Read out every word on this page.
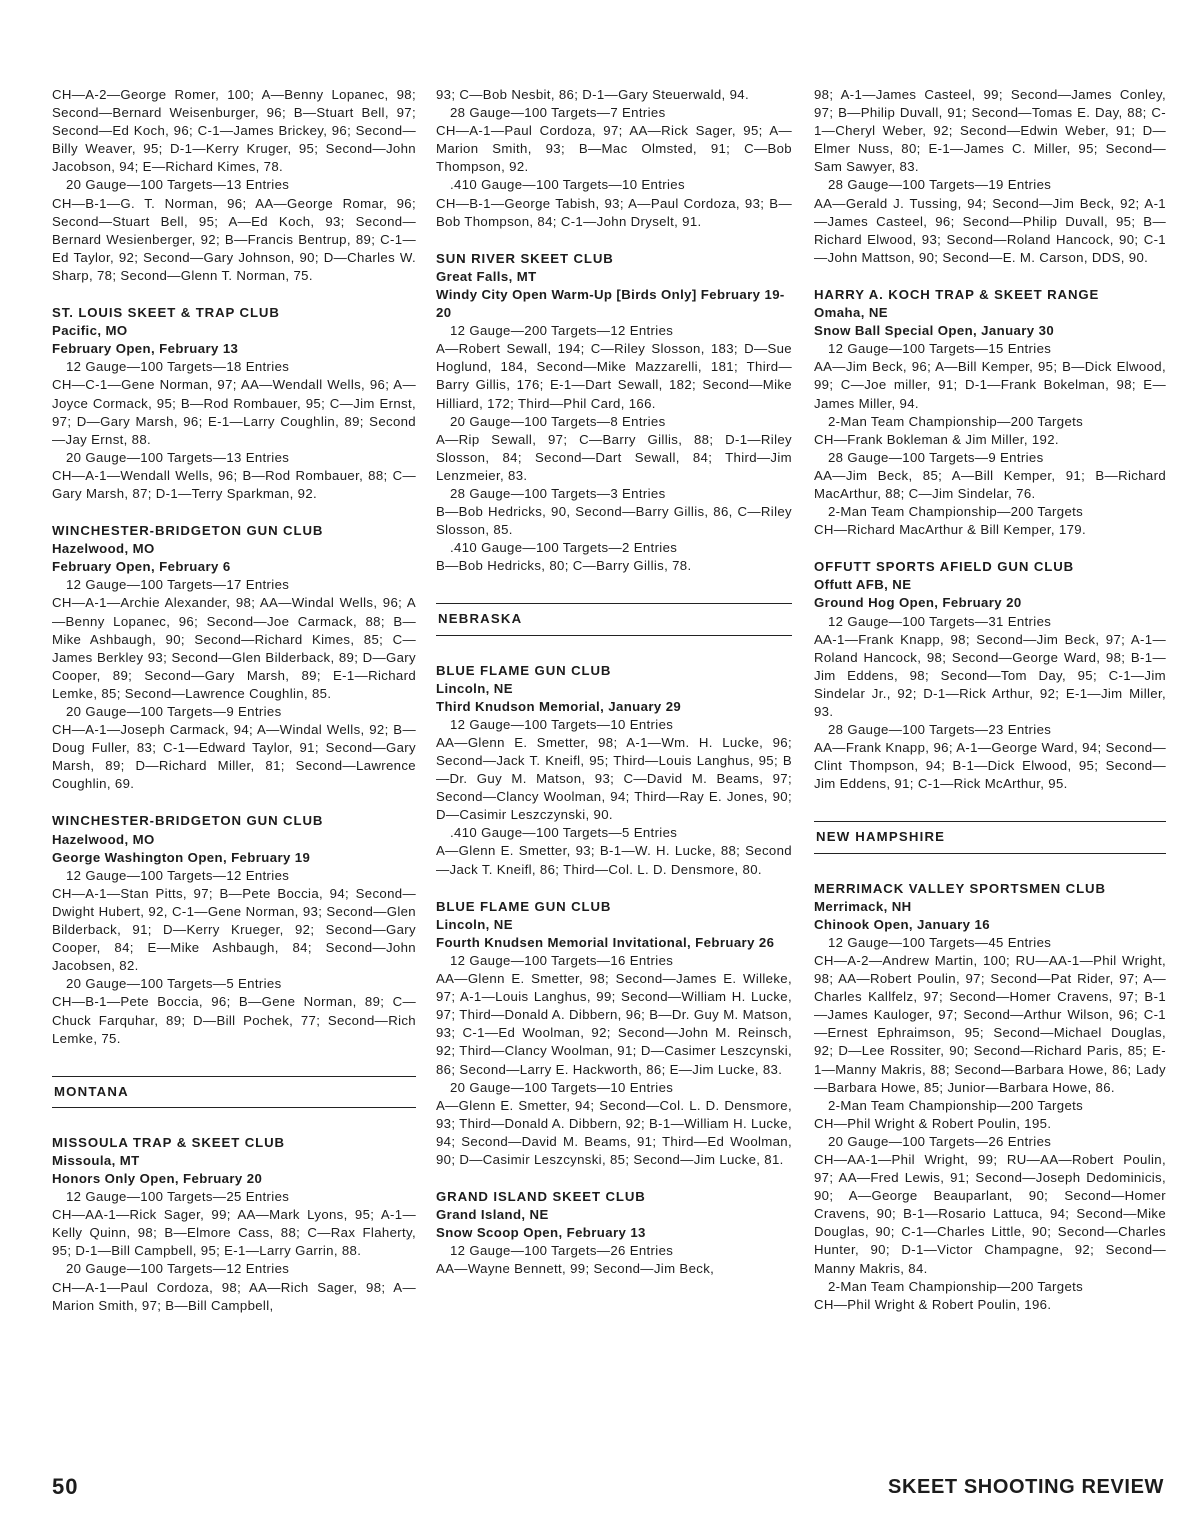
CH—A-2—George Romer, 100; A—Benny Lopanec, 98; Second—Bernard Weisenburger, 96; B—Stuart Bell, 97; Second—Ed Koch, 96; C-1—James Brickey, 96; Second—Billy Weaver, 95; D-1—Kerry Kruger, 95; Second—John Jacobson, 94; E—Richard Kimes, 78.

20 Gauge—100 Targets—13 Entries

CH—B-1—G. T. Norman, 96; AA—George Romar, 96; Second—Stuart Bell, 95; A—Ed Koch, 93; Second—Bernard Wesienberger, 92; B—Francis Bentrup, 89; C-1—Ed Taylor, 92; Second—Gary Johnson, 90; D—Charles W. Sharp, 78; Second—Glenn T. Norman, 75.

ST. LOUIS SKEET & TRAP CLUB
Pacific, MO
February Open, February 13

12 Gauge—100 Targets—18 Entries

CH—C-1—Gene Norman, 97; AA—Wendall Wells, 96; A—Joyce Cormack, 95; B—Rod Rombauer, 95; C—Jim Ernst, 97; D—Gary Marsh, 96; E-1—Larry Coughlin, 89; Second—Jay Ernst, 88.

20 Gauge—100 Targets—13 Entries

CH—A-1—Wendall Wells, 96; B—Rod Rombauer, 88; C—Gary Marsh, 87; D-1—Terry Sparkman, 92.

WINCHESTER-BRIDGETON GUN CLUB
Hazelwood, MO
February Open, February 6

12 Gauge—100 Targets—17 Entries

CH—A-1—Archie Alexander, 98; AA—Windal Wells, 96; A—Benny Lopanec, 96; Second—Joe Carmack, 88; B—Mike Ashbaugh, 90; Second—Richard Kimes, 85; C—James Berkley 93; Second—Glen Bilderback, 89; D—Gary Cooper, 89; Second—Gary Marsh, 89; E-1—Richard Lemke, 85; Second—Lawrence Coughlin, 85.

20 Gauge—100 Targets—9 Entries

CH—A-1—Joseph Carmack, 94; A—Windal Wells, 92; B—Doug Fuller, 83; C-1—Edward Taylor, 91; Second—Gary Marsh, 89; D—Richard Miller, 81; Second—Lawrence Coughlin, 69.

WINCHESTER-BRIDGETON GUN CLUB
Hazelwood, MO
George Washington Open, February 19

12 Gauge—100 Targets—12 Entries

CH—A-1—Stan Pitts, 97; B—Pete Boccia, 94; Second—Dwight Hubert, 92, C-1—Gene Norman, 93; Second—Glen Bilderback, 91; D—Kerry Krueger, 92; Second—Gary Cooper, 84; E—Mike Ashbaugh, 84; Second—John Jacobsen, 82.

20 Gauge—100 Targets—5 Entries

CH—B-1—Pete Boccia, 96; B—Gene Norman, 89; C—Chuck Farquhar, 89; D—Bill Pochek, 77; Second—Rich Lemke, 75.

MONTANA
MISSOULA TRAP & SKEET CLUB
Missoula, MT
Honors Only Open, February 20

12 Gauge—100 Targets—25 Entries

CH—AA-1—Rick Sager, 99; AA—Mark Lyons, 95; A-1—Kelly Quinn, 98; B—Elmore Cass, 88; C—Rax Flaherty, 95; D-1—Bill Campbell, 95; E-1—Larry Garrin, 88.

20 Gauge—100 Targets—12 Entries

CH—A-1—Paul Cordoza, 98; AA—Rich Sager, 98; A—Marion Smith, 97; B—Bill Campbell,

93; C—Bob Nesbit, 86; D-1—Gary Steuerwald, 94.

28 Gauge—100 Targets—7 Entries

CH—A-1—Paul Cordoza, 97; AA—Rick Sager, 95; A—Marion Smith, 93; B—Mac Olmsted, 91; C—Bob Thompson, 92.

.410 Gauge—100 Targets—10 Entries

CH—B-1—George Tabish, 93; A—Paul Cordoza, 93; B—Bob Thompson, 84; C-1—John Dryselt, 91.

SUN RIVER SKEET CLUB
Great Falls, MT
Windy City Open Warm-Up [Birds Only] February 19-20

12 Gauge—200 Targets—12 Entries

A—Robert Sewall, 194; C—Riley Slosson, 183; D—Sue Hoglund, 184, Second—Mike Mazzarelli, 181; Third—Barry Gillis, 176; E-1—Dart Sewall, 182; Second—Mike Hilliard, 172; Third—Phil Card, 166.

20 Gauge—100 Targets—8 Entries

A—Rip Sewall, 97; C—Barry Gillis, 88; D-1—Riley Slosson, 84; Second—Dart Sewall, 84; Third—Jim Lenzmeier, 83.

28 Gauge—100 Targets—3 Entries

B—Bob Hedricks, 90, Second—Barry Gillis, 86, C—Riley Slosson, 85.

.410 Gauge—100 Targets—2 Entries

B—Bob Hedricks, 80; C—Barry Gillis, 78.

NEBRASKA
BLUE FLAME GUN CLUB
Lincoln, NE
Third Knudson Memorial, January 29

12 Gauge—100 Targets—10 Entries

AA—Glenn E. Smetter, 98; A-1—Wm. H. Lucke, 96; Second—Jack T. Kneifl, 95; Third—Louis Langhus, 95; B—Dr. Guy M. Matson, 93; C—David M. Beams, 97; Second—Clancy Woolman, 94; Third—Ray E. Jones, 90; D—Casimir Leszczynski, 90.

.410 Gauge—100 Targets—5 Entries

A—Glenn E. Smetter, 93; B-1—W. H. Lucke, 88; Second—Jack T. Kneifl, 86; Third—Col. L. D. Densmore, 80.

BLUE FLAME GUN CLUB
Lincoln, NE
Fourth Knudsen Memorial Invitational, February 26

12 Gauge—100 Targets—16 Entries

AA—Glenn E. Smetter, 98; Second—James E. Willeke, 97; A-1—Louis Langhus, 99; Second—William H. Lucke, 97; Third—Donald A. Dibbern, 96; B—Dr. Guy M. Matson, 93; C-1—Ed Woolman, 92; Second—John M. Reinsch, 92; Third—Clancy Woolman, 91; D—Casimer Leszcynski, 86; Second—Larry E. Hackworth, 86; E—Jim Lucke, 83.

20 Gauge—100 Targets—10 Entries

A—Glenn E. Smetter, 94; Second—Col. L. D. Densmore, 93; Third—Donald A. Dibbern, 92; B-1—William H. Lucke, 94; Second—David M. Beams, 91; Third—Ed Woolman, 90; D—Casimir Leszcynski, 85; Second—Jim Lucke, 81.

GRAND ISLAND SKEET CLUB
Grand Island, NE
Snow Scoop Open, February 13

12 Gauge—100 Targets—26 Entries

AA—Wayne Bennett, 99; Second—Jim Beck,

98; A-1—James Casteel, 99; Second—James Conley, 97; B—Philip Duvall, 91; Second—Tomas E. Day, 88; C-1—Cheryl Weber, 92; Second—Edwin Weber, 91; D—Elmer Nuss, 80; E-1—James C. Miller, 95; Second—Sam Sawyer, 83.

28 Gauge—100 Targets—19 Entries

AA—Gerald J. Tussing, 94; Second—Jim Beck, 92; A-1—James Casteel, 96; Second—Philip Duvall, 95; B—Richard Elwood, 93; Second—Roland Hancock, 90; C-1—John Mattson, 90; Second—E. M. Carson, DDS, 90.

HARRY A. KOCH TRAP & SKEET RANGE
Omaha, NE
Snow Ball Special Open, January 30

12 Gauge—100 Targets—15 Entries

AA—Jim Beck, 96; A—Bill Kemper, 95; B—Dick Elwood, 99; C—Joe miller, 91; D-1—Frank Bokelman, 98; E—James Miller, 94.

2-Man Team Championship—200 Targets

CH—Frank Bokleman & Jim Miller, 192.

28 Gauge—100 Targets—9 Entries

AA—Jim Beck, 85; A—Bill Kemper, 91; B—Richard MacArthur, 88; C—Jim Sindelar, 76.

2-Man Team Championship—200 Targets

CH—Richard MacArthur & Bill Kemper, 179.

OFFUTT SPORTS AFIELD GUN CLUB
Offutt AFB, NE
Ground Hog Open, February 20

12 Gauge—100 Targets—31 Entries

AA-1—Frank Knapp, 98; Second—Jim Beck, 97; A-1—Roland Hancock, 98; Second—George Ward, 98; B-1—Jim Eddens, 98; Second—Tom Day, 95; C-1—Jim Sindelar Jr., 92; D-1—Rick Arthur, 92; E-1—Jim Miller, 93.

28 Gauge—100 Targets—23 Entries

AA—Frank Knapp, 96; A-1—George Ward, 94; Second—Clint Thompson, 94; B-1—Dick Elwood, 95; Second—Jim Eddens, 91; C-1—Rick McArthur, 95.

NEW HAMPSHIRE
MERRIMACK VALLEY SPORTSMEN CLUB
Merrimack, NH
Chinook Open, January 16

12 Gauge—100 Targets—45 Entries

CH—A-2—Andrew Martin, 100; RU—AA-1—Phil Wright, 98; AA—Robert Poulin, 97; Second—Pat Rider, 97; A—Charles Kallfelz, 97; Second—Homer Cravens, 97; B-1—James Kauloger, 97; Second—Arthur Wilson, 96; C-1—Ernest Ephraimson, 95; Second—Michael Douglas, 92; D—Lee Rossiter, 90; Second—Richard Paris, 85; E-1—Manny Makris, 88; Second—Barbara Howe, 86; Lady—Barbara Howe, 85; Junior—Barbara Howe, 86.

2-Man Team Championship—200 Targets

CH—Phil Wright & Robert Poulin, 195.

20 Gauge—100 Targets—26 Entries

CH—AA-1—Phil Wright, 99; RU—AA—Robert Poulin, 97; AA—Fred Lewis, 91; Second—Joseph Dedominicis, 90; A—George Beauparlant, 90; Second—Homer Cravens, 90; B-1—Rosario Lattuca, 94; Second—Mike Douglas, 90; C-1—Charles Little, 90; Second—Charles Hunter, 90; D-1—Victor Champagne, 92; Second—Manny Makris, 84.

2-Man Team Championship—200 Targets

CH—Phil Wright & Robert Poulin, 196.

50	SKEET SHOOTING REVIEW
